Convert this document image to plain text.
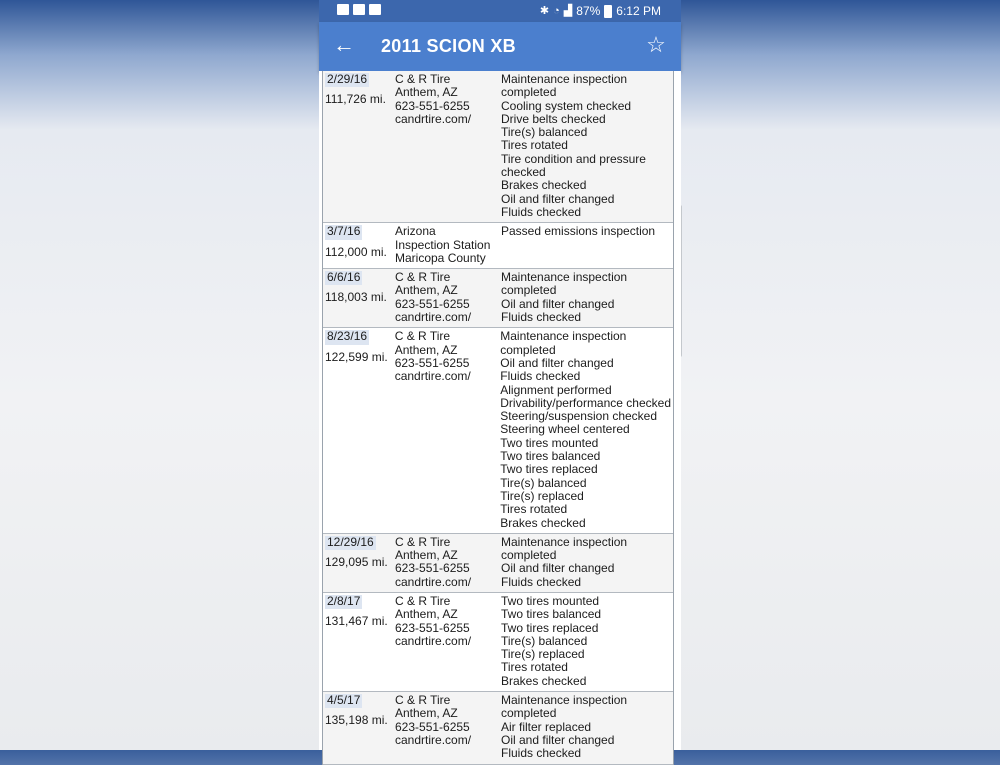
✱ ◔ ▟ 87% 6:12 PM
← 2011 SCION XB	☆
2/29/16
111,726 mi.
C & R Tire
Anthem, AZ
623-551-6255
candrtire.com/
Maintenance inspection
completed
Cooling system checked
Drive belts checked
Tire(s) balanced
Tires rotated
Tire condition and pressure
checked
Brakes checked
Oil and filter changed
Fluids checked
3/7/16
112,000 mi.
Arizona
Inspection Station
Maricopa County
Passed emissions inspection
6/6/16
118,003 mi.
C & R Tire
Anthem, AZ
623-551-6255
candrtire.com/
Maintenance inspection
completed
Oil and filter changed
Fluids checked
8/23/16
122,599 mi.
C & R Tire
Anthem, AZ
623-551-6255
candrtire.com/
Maintenance inspection
completed
Oil and filter changed
Fluids checked
Alignment performed
Drivability/performance checked
Steering/suspension checked
Steering wheel centered
Two tires mounted
Two tires balanced
Two tires replaced
Tire(s) balanced
Tire(s) replaced
Tires rotated
Brakes checked
12/29/16
129,095 mi.
C & R Tire
Anthem, AZ
623-551-6255
candrtire.com/
Maintenance inspection
completed
Oil and filter changed
Fluids checked
2/8/17
131,467 mi.
C & R Tire
Anthem, AZ
623-551-6255
candrtire.com/
Two tires mounted
Two tires balanced
Two tires replaced
Tire(s) balanced
Tire(s) replaced
Tires rotated
Brakes checked
4/5/17
135,198 mi.
C & R Tire
Anthem, AZ
623-551-6255
candrtire.com/
Maintenance inspection
completed
Air filter replaced
Oil and filter changed
Fluids checked
